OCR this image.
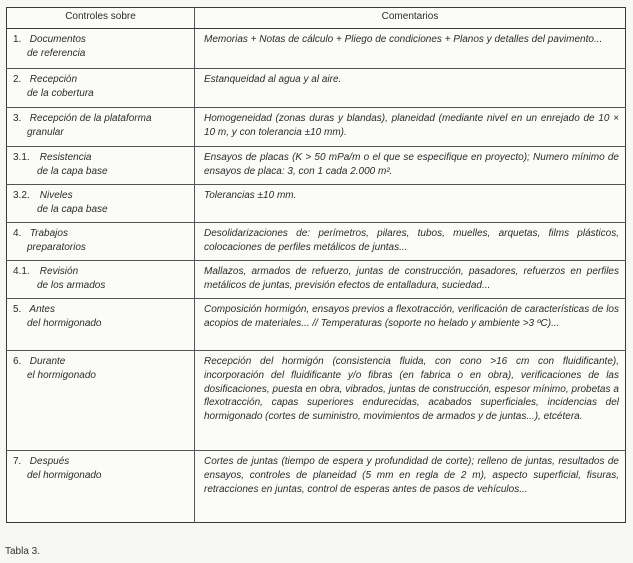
Controles sobre	Comentarios
1. Documentos
de referencia	Memorias + Notas de cálculo + Pliego de condiciones + Planos y detalles del pavimento...
2. Recepción
de la cobertura	Estanqueidad al agua y al aire.
3. Recepción de la plataforma
granular	Homogeneidad (zonas duras y blandas), planeidad (mediante nivel en un enrejado de 10 × 10 m, y con tolerancia ±10 mm).
3.1. Resistencia
de la capa base	Ensayos de placas (K > 50 mPa/m o el que se especifique en proyecto); Numero mínimo de ensayos de placa: 3, con 1 cada 2.000 m².
3.2. Niveles
de la capa base	Tolerancias ±10 mm.
4. Trabajos
preparatorios	Desolidarizaciones de: perímetros, pilares, tubos, muelles, arquetas, films plásticos, colocaciones de perfiles metálicos de juntas...
4.1. Revisión
de los armados	Mallazos, armados de refuerzo, juntas de construcción, pasadores, refuerzos en perfiles metálicos de juntas, previsión efectos de entalladura, suciedad...
5. Antes
del hormigonado	Composición hormigón, ensayos previos a flexotracción, verificación de características de los acopios de materiales... // Temperaturas (soporte no helado y ambiente >3 ºC)...
6. Durante
el hormigonado	Recepción del hormigón (consistencia fluida, con cono >16 cm con fluidificante), incorporación del fluidificante y/o fibras (en fabrica o en obra), verificaciones de las dosificaciones, puesta en obra, vibrados, juntas de construcción, espesor mínimo, probetas a flexotracción, capas superiores endurecidas, acabados superficiales, incidencias del hormigonado (cortes de suministro, movimientos de armados y de juntas...), etcétera.
7. Después
del hormigonado	Cortes de juntas (tiempo de espera y profundidad de corte); relleno de juntas, resultados de ensayos, controles de planeidad (5 mm en regla de 2 m), aspecto superficial, fisuras, retracciones en juntas, control de esperas antes de pasos de vehículos...
Tabla 3.
